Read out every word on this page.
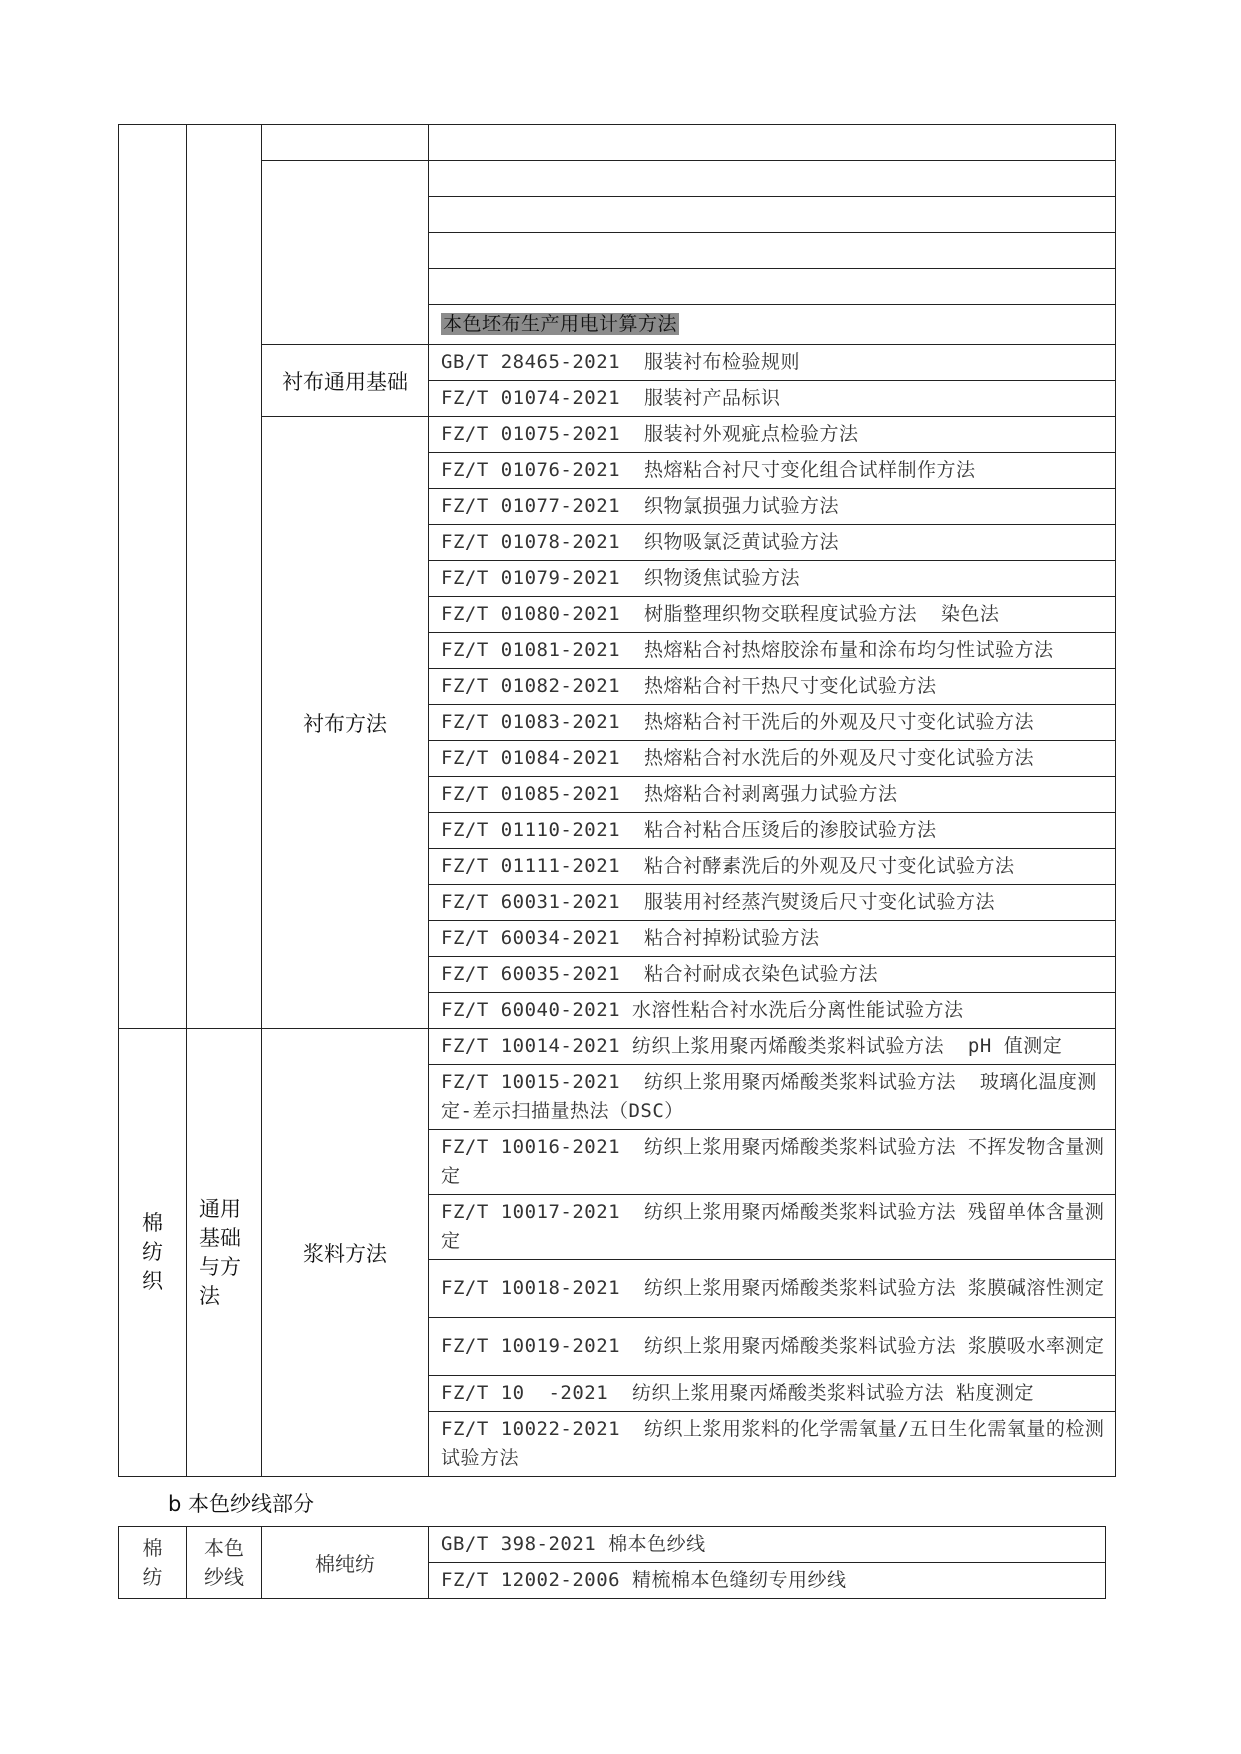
			本色坯布生产用电计算方法
		衬布通用基础	GB/T 28465-2021  服装衬布检验规则
			FZ/T 01074-2021  服装衬产品标识
		衬布方法	FZ/T 01075-2021  服装衬外观疵点检验方法
			FZ/T 01076-2021  热熔粘合衬尺寸变化组合试样制作方法
			FZ/T 01077-2021  织物氯损强力试验方法
			FZ/T 01078-2021  织物吸氯泛黄试验方法
			FZ/T 01079-2021  织物烫焦试验方法
			FZ/T 01080-2021  树脂整理织物交联程度试验方法  染色法
			FZ/T 01081-2021  热熔粘合衬热熔胶涂布量和涂布均匀性试验方法
			FZ/T 01082-2021  热熔粘合衬干热尺寸变化试验方法
			FZ/T 01083-2021  热熔粘合衬干洗后的外观及尺寸变化试验方法
			FZ/T 01084-2021  热熔粘合衬水洗后的外观及尺寸变化试验方法
			FZ/T 01085-2021  热熔粘合衬剥离强力试验方法
			FZ/T 01110-2021  粘合衬粘合压烫后的渗胶试验方法
			FZ/T 01111-2021  粘合衬酵素洗后的外观及尺寸变化试验方法
			FZ/T 60031-2021  服装用衬经蒸汽熨烫后尺寸变化试验方法
			FZ/T 60034-2021  粘合衬掉粉试验方法
			FZ/T 60035-2021  粘合衬耐成衣染色试验方法
			FZ/T 60040-2021 水溶性粘合衬水洗后分离性能试验方法
棉纺织	通用基础与方法	浆料方法	FZ/T 10014-2021 纺织上浆用聚丙烯酸类浆料试验方法  pH 值测定
			FZ/T 10015-2021  纺织上浆用聚丙烯酸类浆料试验方法  玻璃化温度测定-差示扫描量热法（DSC）
			FZ/T 10016-2021  纺织上浆用聚丙烯酸类浆料试验方法 不挥发物含量测定
			FZ/T 10017-2021  纺织上浆用聚丙烯酸类浆料试验方法 残留单体含量测定
			FZ/T 10018-2021  纺织上浆用聚丙烯酸类浆料试验方法 浆膜碱溶性测定
			FZ/T 10019-2021  纺织上浆用聚丙烯酸类浆料试验方法 浆膜吸水率测定
			FZ/T 10  -2021  纺织上浆用聚丙烯酸类浆料试验方法 粘度测定
			FZ/T 10022-2021  纺织上浆用浆料的化学需氧量/五日生化需氧量的检测试验方法
b 本色纱线部分
棉纺	本色纱线	棉纯纺	GB/T 398-2021 棉本色纱线
FZ/T 12002-2006 精梳棉本色缝纫专用纱线
